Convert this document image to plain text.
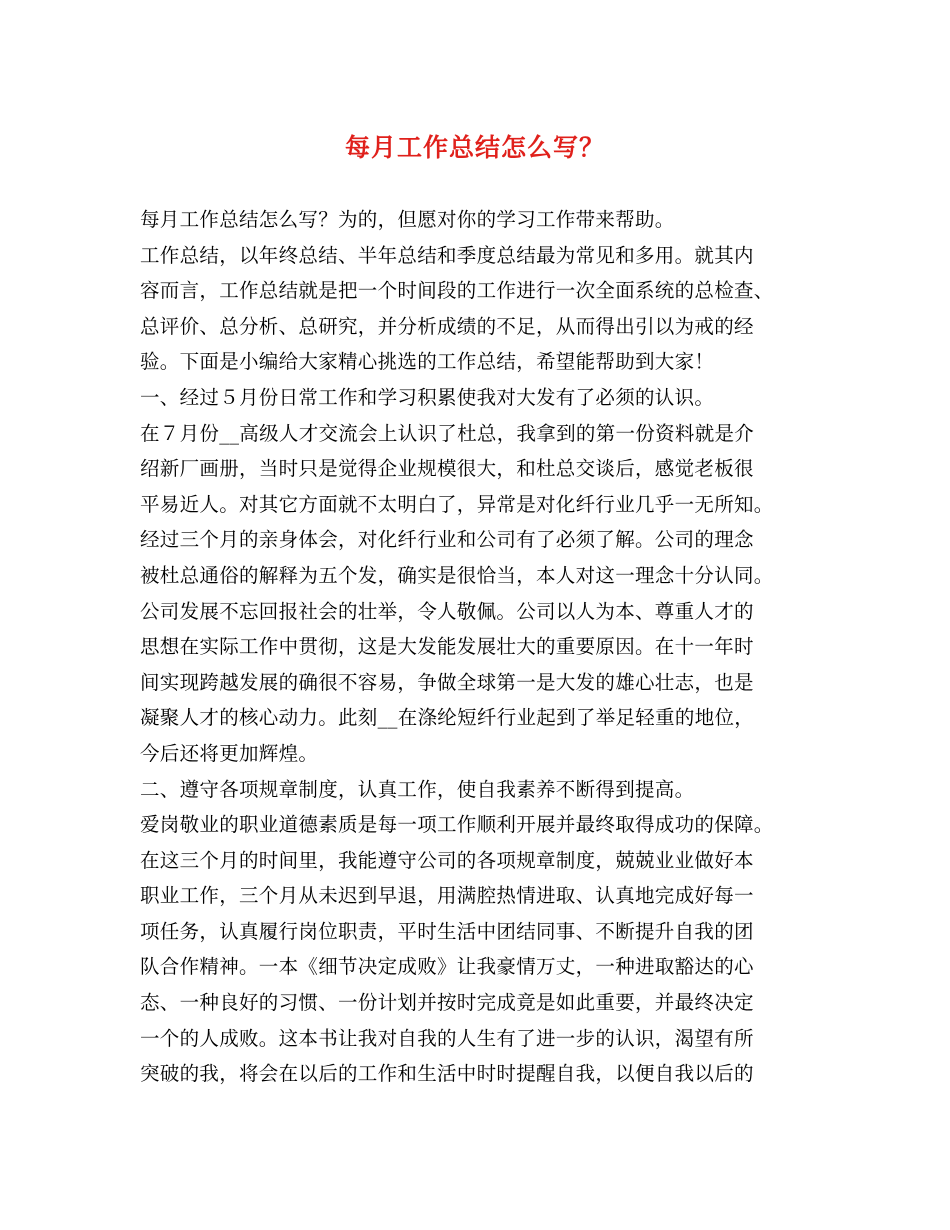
每月工作总结怎么写？
每月工作总结怎么写？为的，但愿对你的学习工作带来帮助。
工作总结，以年终总结、半年总结和季度总结最为常见和多用。就其内
容而言，工作总结就是把一个时间段的工作进行一次全面系统的总检查、
总评价、总分析、总研究，并分析成绩的不足，从而得出引以为戒的经
验。下面是小编给大家精心挑选的工作总结，希望能帮助到大家！
一、经过５月份日常工作和学习积累使我对大发有了必须的认识。
在７月份__高级人才交流会上认识了杜总，我拿到的第一份资料就是介
绍新厂画册，当时只是觉得企业规模很大，和杜总交谈后，感觉老板很
平易近人。对其它方面就不太明白了，异常是对化纤行业几乎一无所知。
经过三个月的亲身体会，对化纤行业和公司有了必须了解。公司的理念
被杜总通俗的解释为五个发，确实是很恰当，本人对这一理念十分认同。
公司发展不忘回报社会的壮举，令人敬佩。公司以人为本、尊重人才的
思想在实际工作中贯彻，这是大发能发展壮大的重要原因。在十一年时
间实现跨越发展的确很不容易，争做全球第一是大发的雄心壮志，也是
凝聚人才的核心动力。此刻__在涤纶短纤行业起到了举足轻重的地位，
今后还将更加辉煌。
二、遵守各项规章制度，认真工作，使自我素养不断得到提高。
爱岗敬业的职业道德素质是每一项工作顺利开展并最终取得成功的保障。
在这三个月的时间里，我能遵守公司的各项规章制度，兢兢业业做好本
职业工作，三个月从未迟到早退，用满腔热情进取、认真地完成好每一
项任务，认真履行岗位职责，平时生活中团结同事、不断提升自我的团
队合作精神。一本《细节决定成败》让我豪情万丈，一种进取豁达的心
态、一种良好的习惯、一份计划并按时完成竟是如此重要，并最终决定
一个的人成败。这本书让我对自我的人生有了进一步的认识，渴望有所
突破的我，将会在以后的工作和生活中时时提醒自我，以便自我以后的
